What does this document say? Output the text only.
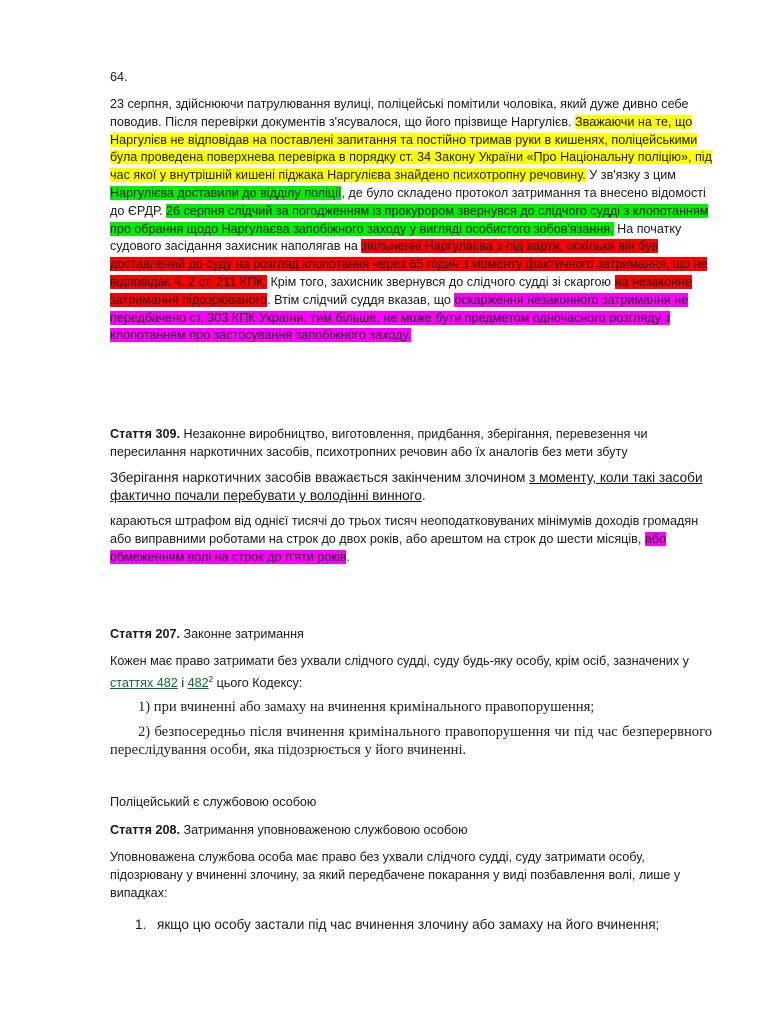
64.

23 серпня, здійснюючи патрулювання вулиці, поліцейські помітили чоловіка, який дуже дивно себе поводив. Після перевірки документів з'ясувалося, що його прізвище Наргулієв. Зважаючи на те, що Наргулієв не відповідав на поставлені запитання та постійно тримав руки в кишенях, поліцейськими була проведена поверхнева перевірка в порядку ст. 34 Закону України «Про Національну поліцію», під час якої у внутрішній кишені піджака Наргулієва знайдено психотропну речовину. У зв'язку з цим Наргулієва доставили до відділу поліції, де було складено протокол затримання та внесено відомості до ЄРДР. 26 серпня слідчий за погодженням із прокурором звернувся до слідчого судді з клопотанням про обрання щодо Наргулаєва запобіжного заходу у вигляді особистого зобов'язання. На початку судового засідання захисник наполягав на звільненні Наргулаєва з-під варти, оскільки він був доставлений до суду на розгляд клопотання через 65 годин з моменту фактичного затримання, що не відповідає ч. 2 ст. 211 КПК. Крім того, захисник звернувся до слідчого судді зі скаргою на незаконне затримання підозрюваного. Втім слідчий суддя вказав, що оскарження незаконного затримання не передбачено ст. 303 КПК України, тим більше, не може бути предметом одночасного розгляду з клопотанням про застосування запобіжного заходу.

Стаття 309. Незаконне виробництво, виготовлення, придбання, зберігання, перевезення чи пересилання наркотичних засобів, психотропних речовин або їх аналогів без мети збуту

Зберігання наркотичних засобів вважається закінченим злочином з моменту, коли такі засоби фактично почали перебувати у володінні винного.

караються штрафом від однієї тисячі до трьох тисяч неоподатковуваних мінімумів доходів громадян або виправними роботами на строк до двох років, або арештом на строк до шести місяців, або обмеженням волі на строк до п'яти років.

Стаття 207. Законне затримання

Кожен має право затримати без ухвали слідчого судді, суду будь-яку особу, крім осіб, зазначених у статтях 482 і $482^2$ цього Кодексу:

1) при вчиненні або замаху на вчинення кримінального правопорушення;

2) безпосередньо після вчинення кримінального правопорушення чи під час безперервного переслідування особи, яка підозрюється у його вчиненні.

Поліцейський є службовою особою

Стаття 208. Затримання уповноваженою службовою особою

Уповноважена службова особа має право без ухвали слідчого судді, суду затримати особу, підозрювану у вчиненні злочину, за який передбачене покарання у виді позбавлення волі, лише у випадках:

1. якщо цю особу застали під час вчинення злочину або замаху на його вчинення;
